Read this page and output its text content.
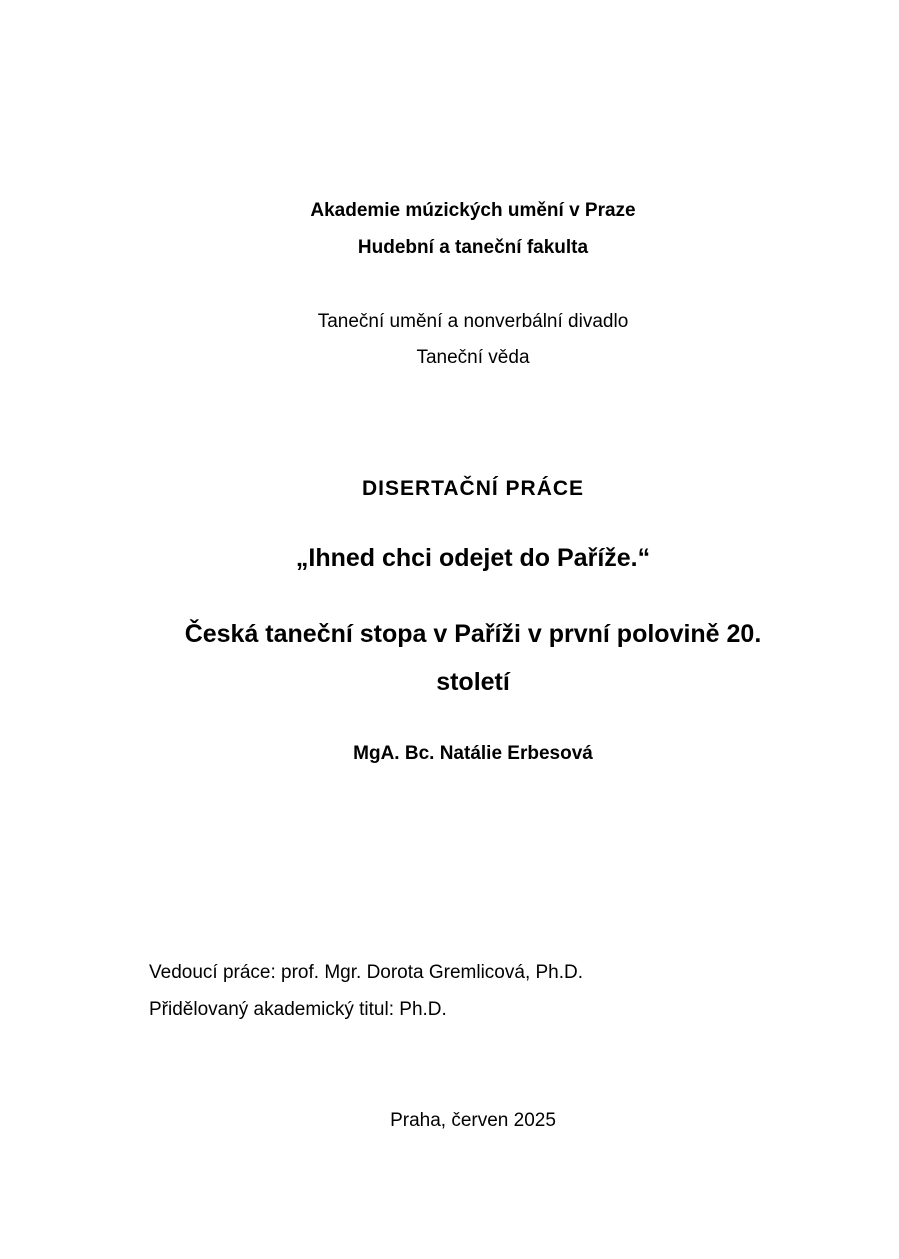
Akademie múzických umění v Praze
Hudební a taneční fakulta
Taneční umění a nonverbální divadlo
Taneční věda
DISERTAČNÍ PRÁCE
„Ihned chci odejet do Paříže.“
Česká taneční stopa v Paříži v první polovině 20.
století
MgA. Bc. Natálie Erbesová
Vedoucí práce: prof. Mgr. Dorota Gremlicová, Ph.D.
Přidělovaný akademický titul: Ph.D.
Praha, červen 2025
